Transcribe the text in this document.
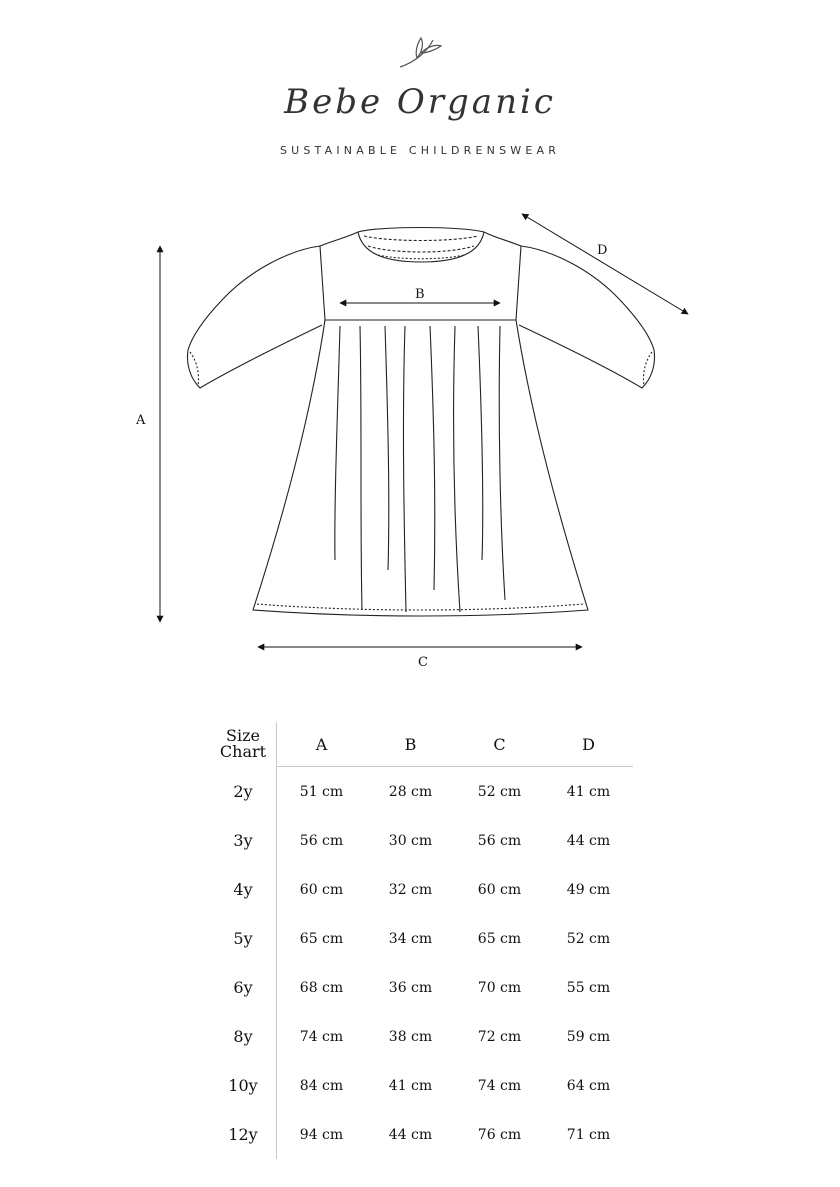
Bebe Organic
SUSTAINABLE CHILDRENSWEAR
A
B
C
D
Size
Chart	A	B	C	D
2y	51 cm	28 cm	52 cm	41 cm
3y	56 cm	30 cm	56 cm	44 cm
4y	60 cm	32 cm	60 cm	49 cm
5y	65 cm	34 cm	65 cm	52 cm
6y	68 cm	36 cm	70 cm	55 cm
8y	74 cm	38 cm	72 cm	59 cm
10y	84 cm	41 cm	74 cm	64 cm
12y	94 cm	44 cm	76 cm	71 cm
